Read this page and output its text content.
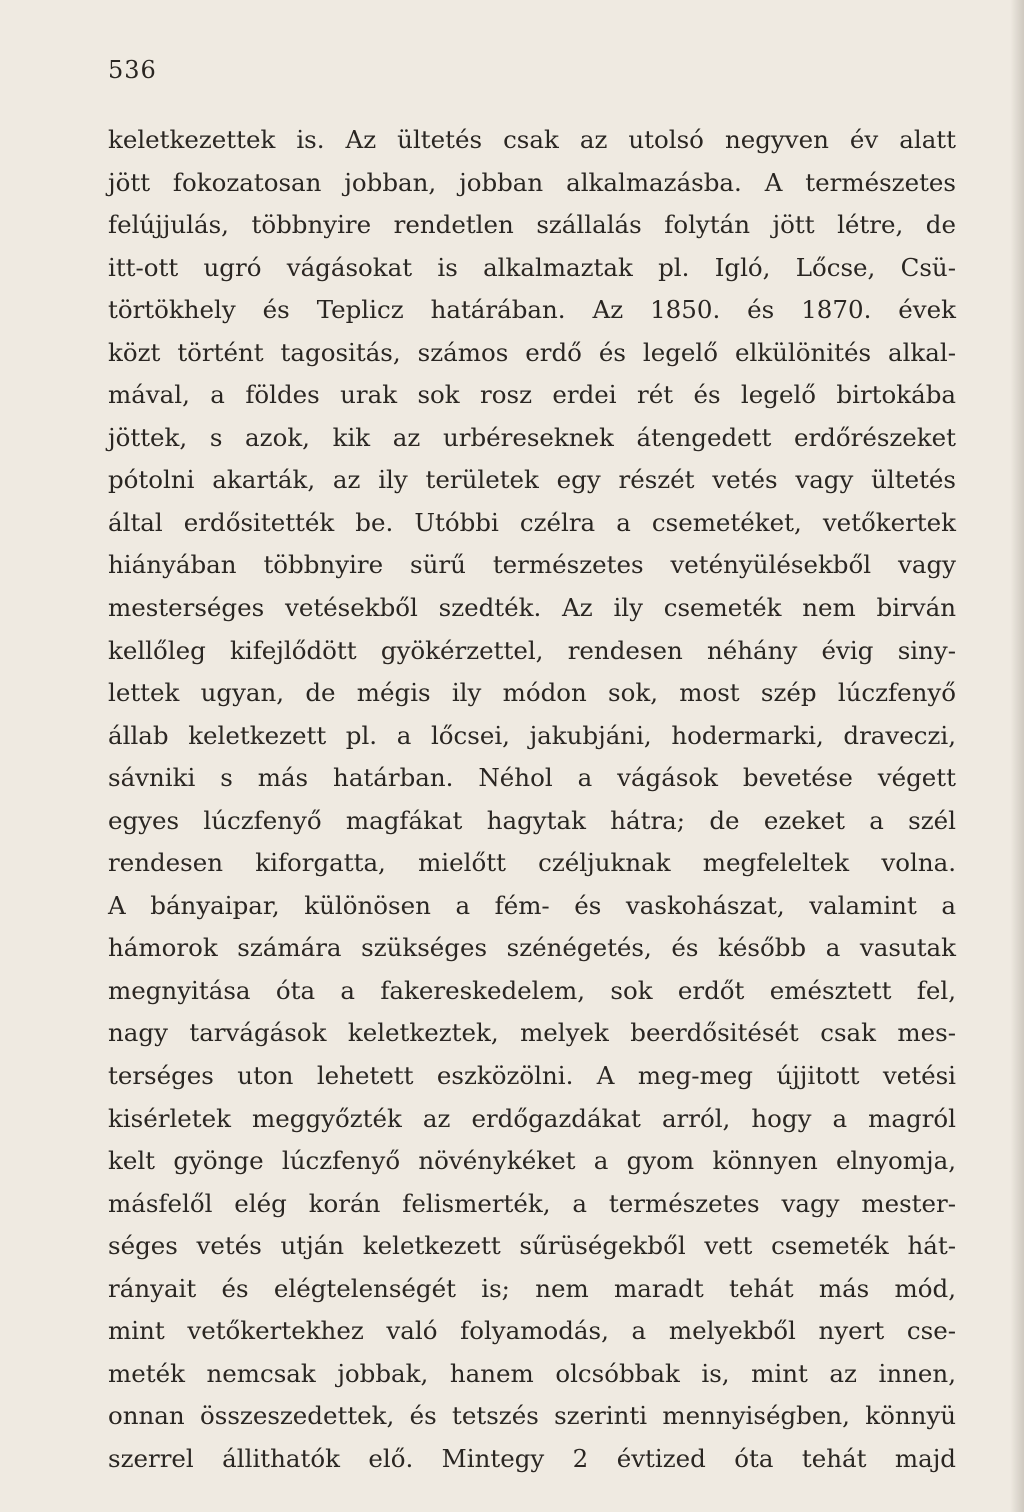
536
keletkezettek is. Az ültetés csak az utolsó negyven év alatt
jött fokozatosan jobban, jobban alkalmazásba. A természetes
felújjulás, többnyire rendetlen szállalás folytán jött létre, de
itt-ott ugró vágásokat is alkalmaztak pl. Igló, Lőcse, Csü-
törtökhely és Teplicz határában. Az 1850. és 1870. évek
közt történt tagositás, számos erdő és legelő elkülönités alkal-
mával, a földes urak sok rosz erdei rét és legelő birtokába
jöttek, s azok, kik az urbéreseknek átengedett erdőrészeket
pótolni akarták, az ily területek egy részét vetés vagy ültetés
által erdősitették be. Utóbbi czélra a csemetéket, vetőkertek
hiányában többnyire sürű természetes vetényülésekből vagy
mesterséges vetésekből szedték. Az ily csemeték nem birván
kellőleg kifejlődött gyökérzettel, rendesen néhány évig siny-
lettek ugyan, de mégis ily módon sok, most szép lúczfenyő
állab keletkezett pl. a lőcsei, jakubjáni, hodermarki, draveczi,
sávniki s más határban. Néhol a vágások bevetése végett
egyes lúczfenyő magfákat hagytak hátra; de ezeket a szél
rendesen kiforgatta, mielőtt czéljuknak megfeleltek volna.
A bányaipar, különösen a fém- és vaskohászat, valamint a
hámorok számára szükséges szénégetés, és később a vasutak
megnyitása óta a fakereskedelem, sok erdőt emésztett fel,
nagy tarvágások keletkeztek, melyek beerdősitését csak mes-
terséges uton lehetett eszközölni. A meg-meg újjitott vetési
kisérletek meggyőzték az erdőgazdákat arról, hogy a magról
kelt gyönge lúczfenyő növénykéket a gyom könnyen elnyomja,
másfelől elég korán felismerték, a természetes vagy mester-
séges vetés utján keletkezett sűrüségekből vett csemeték hát-
rányait és elégtelenségét is; nem maradt tehát más mód,
mint vetőkertekhez való folyamodás, a melyekből nyert cse-
meték nemcsak jobbak, hanem olcsóbbak is, mint az innen,
onnan összeszedettek, és tetszés szerinti mennyiségben, könnyü
szerrel állithatók elő. Mintegy 2 évtized óta tehát majd
